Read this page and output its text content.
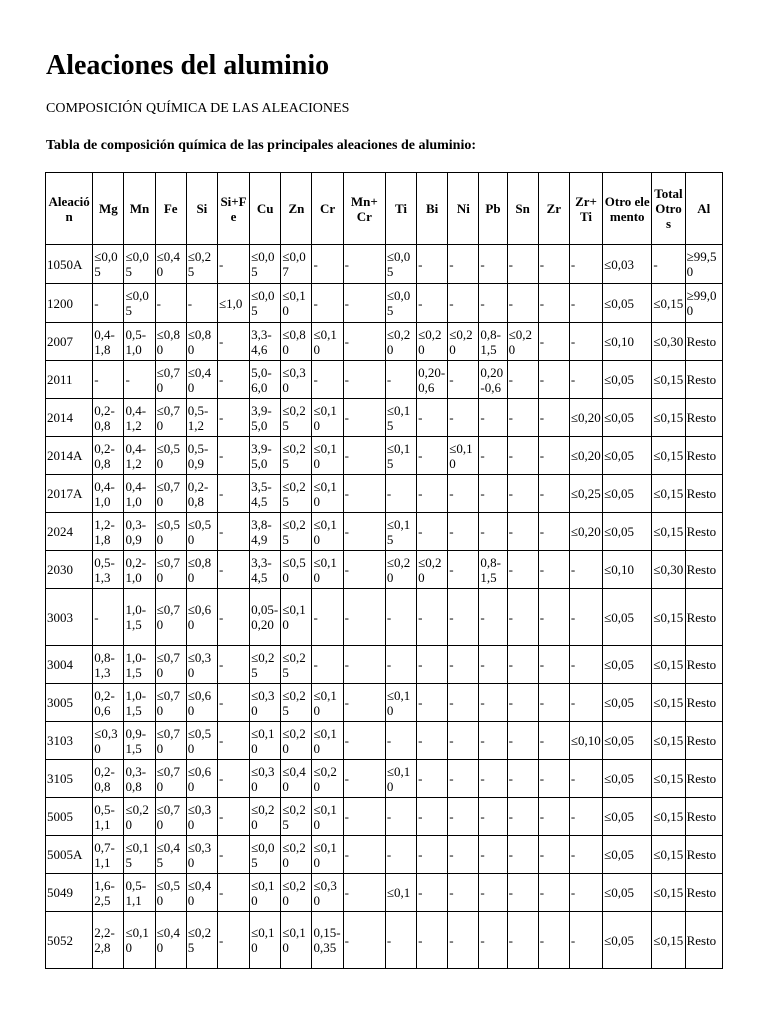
Aleaciones del aluminio

COMPOSICIÓN QUÍMICA DE LAS ALEACIONES

Tabla de composición química de las principales aleaciones de aluminio:

Aleación	Mg	Mn	Fe	Si	Si+Fe	Cu	Zn	Cr	Mn+ Cr	Ti	Bi	Ni	Pb	Sn	Zr	Zr+ Ti	Otro elemento	Total Otros	Al
1050A	≤0,05	≤0,05	≤0,40	≤0,25	-	≤0,05	≤0,07	-	-	≤0,05	-	-	-	-	-	-	≤0,03	-	≥99,50
1200	-	≤0,05	-	-	≤1,0	≤0,05	≤0,10	-	-	≤0,05	-	-	-	-	-	-	≤0,05	≤0,15	≥99,00
2007	0,4-1,8	0,5-1,0	≤0,80	≤0,80	-	3,3-4,6	≤0,80	≤0,10	-	≤0,20	≤0,20	≤0,20	0,8-1,5	≤0,20	-	-	≤0,10	≤0,30	Resto
2011	-	-	≤0,70	≤0,40	-	5,0-6,0	≤0,30	-	-	-	0,20-0,6	-	0,20-0,6	-	-	-	≤0,05	≤0,15	Resto
2014	0,2-0,8	0,4-1,2	≤0,70	0,5-1,2	-	3,9-5,0	≤0,25	≤0,10	-	≤0,15	-	-	-	-	-	≤0,20	≤0,05	≤0,15	Resto
2014A	0,2-0,8	0,4-1,2	≤0,50	0,5-0,9	-	3,9-5,0	≤0,25	≤0,10	-	≤0,15	-	≤0,10	-	-	-	≤0,20	≤0,05	≤0,15	Resto
2017A	0,4-1,0	0,4-1,0	≤0,70	0,2-0,8	-	3,5-4,5	≤0,25	≤0,10	-	-	-	-	-	-	-	≤0,25	≤0,05	≤0,15	Resto
2024	1,2-1,8	0,3-0,9	≤0,50	≤0,50	-	3,8-4,9	≤0,25	≤0,10	-	≤0,15	-	-	-	-	-	≤0,20	≤0,05	≤0,15	Resto
2030	0,5-1,3	0,2-1,0	≤0,70	≤0,80	-	3,3-4,5	≤0,50	≤0,10	-	≤0,20	≤0,20	-	0,8-1,5	-	-	-	≤0,10	≤0,30	Resto
3003	-	1,0-1,5	≤0,70	≤0,60	-	0,05-0,20	≤0,10	-	-	-	-	-	-	-	-	-	≤0,05	≤0,15	Resto
3004	0,8-1,3	1,0-1,5	≤0,70	≤0,30	-	≤0,25	≤0,25	-	-	-	-	-	-	-	-	-	≤0,05	≤0,15	Resto
3005	0,2-0,6	1,0-1,5	≤0,70	≤0,60	-	≤0,30	≤0,25	≤0,10	-	≤0,10	-	-	-	-	-	-	≤0,05	≤0,15	Resto
3103	≤0,30	0,9-1,5	≤0,70	≤0,50	-	≤0,10	≤0,20	≤0,10	-	-	-	-	-	-	-	≤0,10	≤0,05	≤0,15	Resto
3105	0,2-0,8	0,3-0,8	≤0,70	≤0,60	-	≤0,30	≤0,40	≤0,20	-	≤0,10	-	-	-	-	-	-	≤0,05	≤0,15	Resto
5005	0,5-1,1	≤0,20	≤0,70	≤0,30	-	≤0,20	≤0,25	≤0,10	-	-	-	-	-	-	-	-	≤0,05	≤0,15	Resto
5005A	0,7-1,1	≤0,15	≤0,45	≤0,30	-	≤0,05	≤0,20	≤0,10	-	-	-	-	-	-	-	-	≤0,05	≤0,15	Resto
5049	1,6-2,5	0,5-1,1	≤0,50	≤0,40	-	≤0,10	≤0,20	≤0,30	-	≤0,1	-	-	-	-	-	-	≤0,05	≤0,15	Resto
5052	2,2-2,8	≤0,10	≤0,40	≤0,25	-	≤0,10	≤0,10	0,15-0,35	-	-	-	-	-	-	-	-	≤0,05	≤0,15	Resto
